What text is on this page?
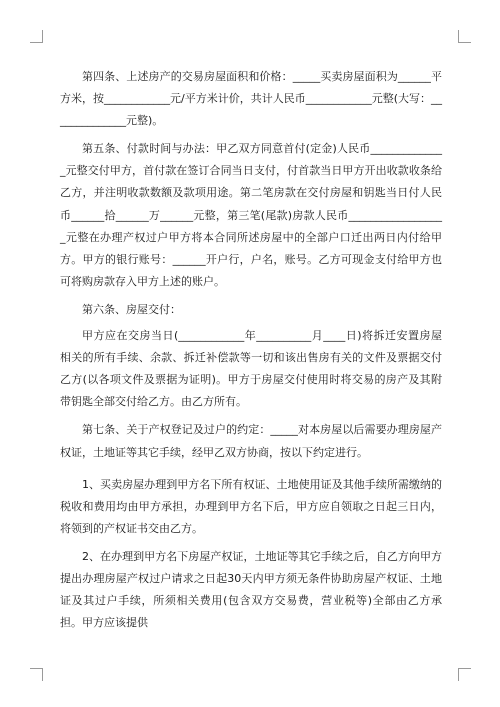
第四条、上述房产的交易房屋面积和价格：_____买卖房屋面积为______平方米，按____________元/平方米计价，共计人民币____________元整(大写：______________元整)。

第五条、付款时间与办法：甲乙双方同意首付(定金)人民币______________元整交付甲方，首付款在签订合同当日支付，付首款当日甲方开出收款收条给乙方，并注明收款数额及款项用途。第二笔房款在交付房屋和钥匙当日付人民币______拾______万______元整，第三笔(尾款)房款人民币__________________元整在办理产权过户甲方将本合同所述房屋中的全部户口迁出两日内付给甲方。甲方的银行账号：______开户行，户名，账号。乙方可现金支付给甲方也可将购房款存入甲方上述的账户。

第六条、房屋交付：

甲方应在交房当日(____________年__________月____日)将拆迁安置房屋相关的所有手续、余款、拆迁补偿款等一切和该出售房有关的文件及票据交付乙方(以各项文件及票据为证明)。甲方于房屋交付使用时将交易的房产及其附带钥匙全部交付给乙方。由乙方所有。

第七条、关于产权登记及过户的约定：_____对本房屋以后需要办理房屋产权证，土地证等其它手续，经甲乙双方协商，按以下约定进行。

1、买卖房屋办理到甲方名下所有权证、土地使用证及其他手续所需缴纳的税收和费用均由甲方承担，办理到甲方名下后，甲方应自领取之日起三日内，将领到的产权证书交由乙方。

2、在办理到甲方名下房屋产权证，土地证等其它手续之后，自乙方向甲方提出办理房屋产权过户请求之日起30天内甲方须无条件协助房屋产权证、土地证及其过户手续，所须相关费用(包含双方交易费，营业税等)全部由乙方承担。甲方应该提供
